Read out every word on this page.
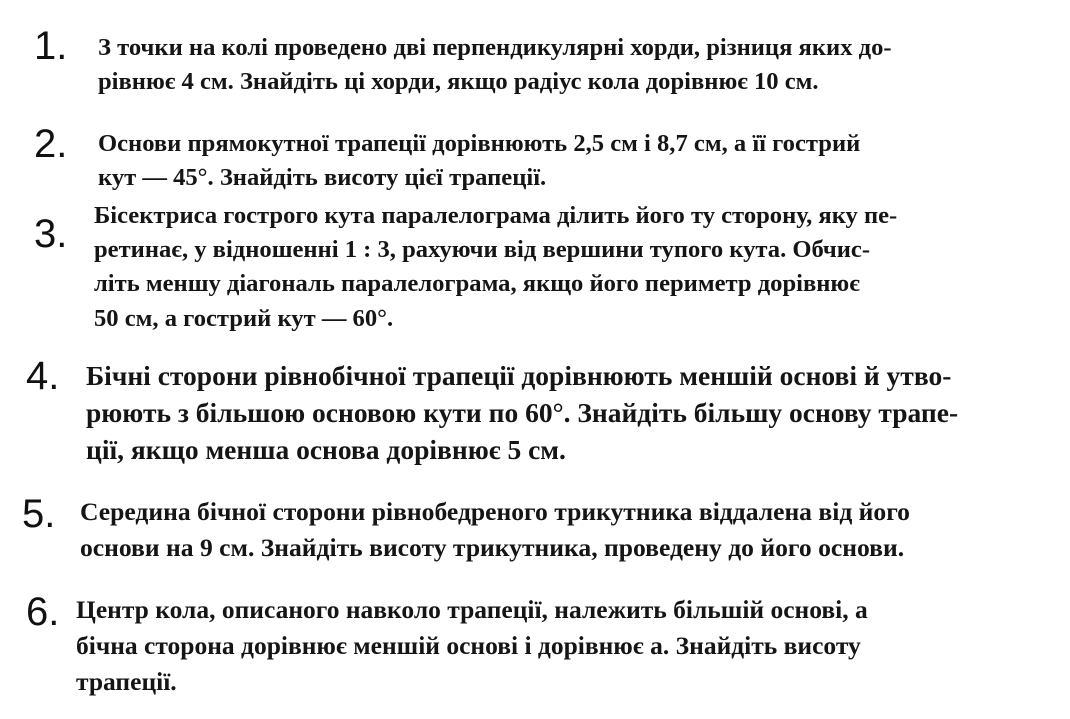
1. З точки на колі проведено дві перпендикулярні хорди, різниця яких до-
рівнює 4 см. Знайдіть ці хорди, якщо радіус кола дорівнює 10 см.
2. Основи прямокутної трапеції дорівнюють 2,5 см і 8,7 см, а її гострий
кут — 45°. Знайдіть висоту цієї трапеції.
3. Бісектриса гострого кута паралелограма ділить його ту сторону, яку пе-
ретинає, у відношенні 1 : 3, рахуючи від вершини тупого кута. Обчис-
літь меншу діагональ паралелограма, якщо його периметр дорівнює
50 см, а гострий кут — 60°.
4. Бічні сторони рівнобічної трапеції дорівнюють меншій основі й утво-
рюють з більшою основою кути по 60°. Знайдіть більшу основу трапе-
ції, якщо менша основа дорівнює 5 см.
5. Середина бічної сторони рівнобедреного трикутника віддалена від його
основи на 9 см. Знайдіть висоту трикутника, проведену до його основи.
6. Центр кола, описаного навколо трапеції, належить більшій основі, а
бічна сторона дорівнює меншій основі і дорівнює a. Знайдіть висоту
трапеції.
